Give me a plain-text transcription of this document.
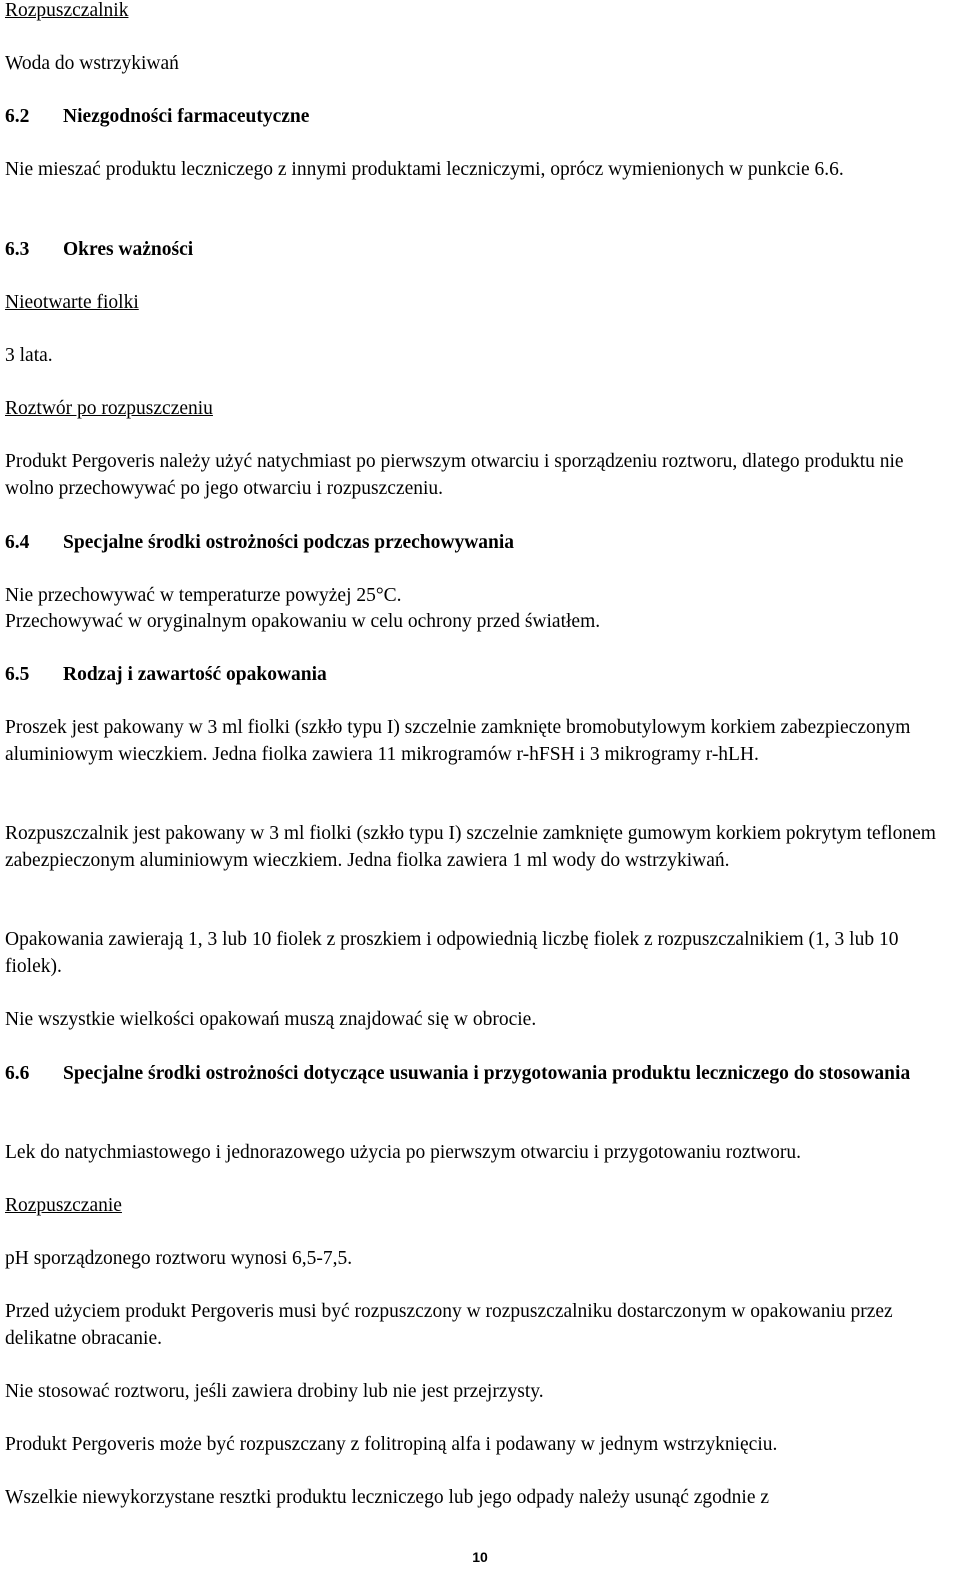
Rozpuszczalnik
Woda do wstrzykiwań
6.2 Niezgodności farmaceutyczne
Nie mieszać produktu leczniczego z innymi produktami leczniczymi, oprócz wymienionych w punkcie 6.6.
6.3 Okres ważności
Nieotwarte fiolki
3 lata.
Roztwór po rozpuszczeniu
Produkt Pergoveris należy użyć natychmiast po pierwszym otwarciu i sporządzeniu roztworu, dlatego produktu nie wolno przechowywać po jego otwarciu i rozpuszczeniu.
6.4 Specjalne środki ostrożności podczas przechowywania
Nie przechowywać w temperaturze powyżej 25°C.
Przechowywać w oryginalnym opakowaniu w celu ochrony przed światłem.
6.5 Rodzaj i zawartość opakowania
Proszek jest pakowany w 3 ml fiolki (szkło typu I) szczelnie zamknięte bromobutylowym korkiem zabezpieczonym aluminiowym wieczkiem. Jedna fiolka zawiera 11 mikrogramów r-hFSH i 3 mikrogramy r-hLH.
Rozpuszczalnik jest pakowany w 3 ml fiolki (szkło typu I) szczelnie zamknięte gumowym korkiem pokrytym teflonem zabezpieczonym aluminiowym wieczkiem. Jedna fiolka zawiera 1 ml wody do wstrzykiwań.
Opakowania zawierają 1, 3 lub 10 fiolek z proszkiem i odpowiednią liczbę fiolek z rozpuszczalnikiem (1, 3 lub 10 fiolek).
Nie wszystkie wielkości opakowań muszą znajdować się w obrocie.
6.6	Specjalne środki ostrożności dotyczące usuwania i przygotowania produktu leczniczego do stosowania
Lek do natychmiastowego i jednorazowego użycia po pierwszym otwarciu i przygotowaniu roztworu.
Rozpuszczanie
pH sporządzonego roztworu wynosi 6,5-7,5.
Przed użyciem produkt Pergoveris musi być rozpuszczony w rozpuszczalniku dostarczonym w opakowaniu przez delikatne obracanie.
Nie stosować roztworu, jeśli zawiera drobiny lub nie jest przejrzysty.
Produkt Pergoveris może być rozpuszczany z folitropiną alfa i podawany w jednym wstrzyknięciu.
Wszelkie niewykorzystane resztki produktu leczniczego lub jego odpady należy usunąć zgodnie z
10
